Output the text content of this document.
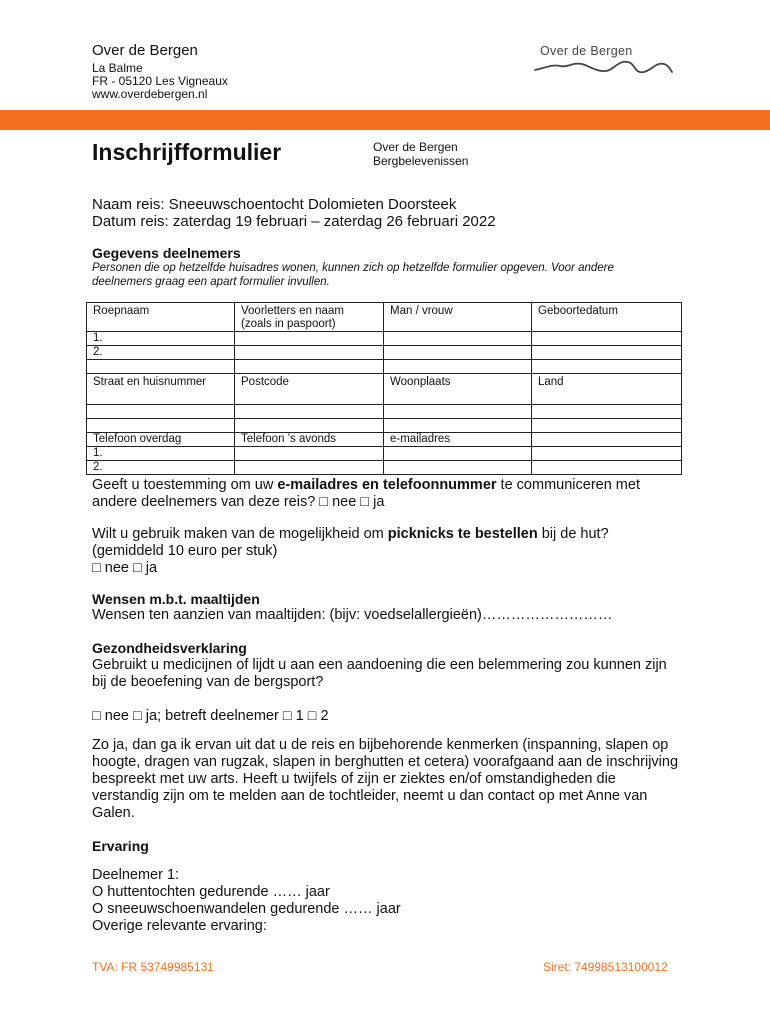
Over de Bergen
La Balme
FR - 05120 Les Vigneaux
www.overdebergen.nl
Over de Bergen
Inschrijfformulier	Over de Bergen
Bergbelevenissen
Naam reis: Sneeuwschoentocht Dolomieten Doorsteek
Datum reis: zaterdag 19 februari – zaterdag 26 februari 2022
Gegevens deelnemers
Personen die op hetzelfde huisadres wonen, kunnen zich op hetzelfde formulier opgeven. Voor andere deelnemers graag een apart formulier invullen.
Roepnaam	Voorletters en naam (zoals in paspoort)	Man / vrouw	Geboortedatum
1.			
2.			

Straat en huisnummer	Postcode	Woonplaats	Land

Telefoon overdag	Telefoon ’s avonds	e-mailadres	
1.			
2.			
Geeft u toestemming om uw e-mailadres en telefoonnummer te communiceren met andere deelnemers van deze reis? □ nee □ ja
Wilt u gebruik maken van de mogelijkheid om picknicks te bestellen bij de hut?
(gemiddeld 10 euro per stuk)
□ nee □ ja
Wensen m.b.t. maaltijden
Wensen ten aanzien van maaltijden: (bijv: voedselallergieën)………………………
Gezondheidsverklaring
Gebruikt u medicijnen of lijdt u aan een aandoening die een belemmering zou kunnen zijn bij de beoefening van de bergsport?
□ nee □ ja; betreft deelnemer □ 1 □ 2
Zo ja, dan ga ik ervan uit dat u de reis en bijbehorende kenmerken (inspanning, slapen op hoogte, dragen van rugzak, slapen in berghutten et cetera) voorafgaand aan de inschrijving bespreekt met uw arts. Heeft u twijfels of zijn er ziektes en/of omstandigheden die verstandig zijn om te melden aan de tochtleider, neemt u dan contact op met Anne van Galen.
Ervaring
Deelnemer 1:
O huttentochten gedurende …… jaar
O sneeuwschoenwandelen gedurende …… jaar
Overige relevante ervaring:
TVA: FR 53749985131	Siret: 74998513100012
